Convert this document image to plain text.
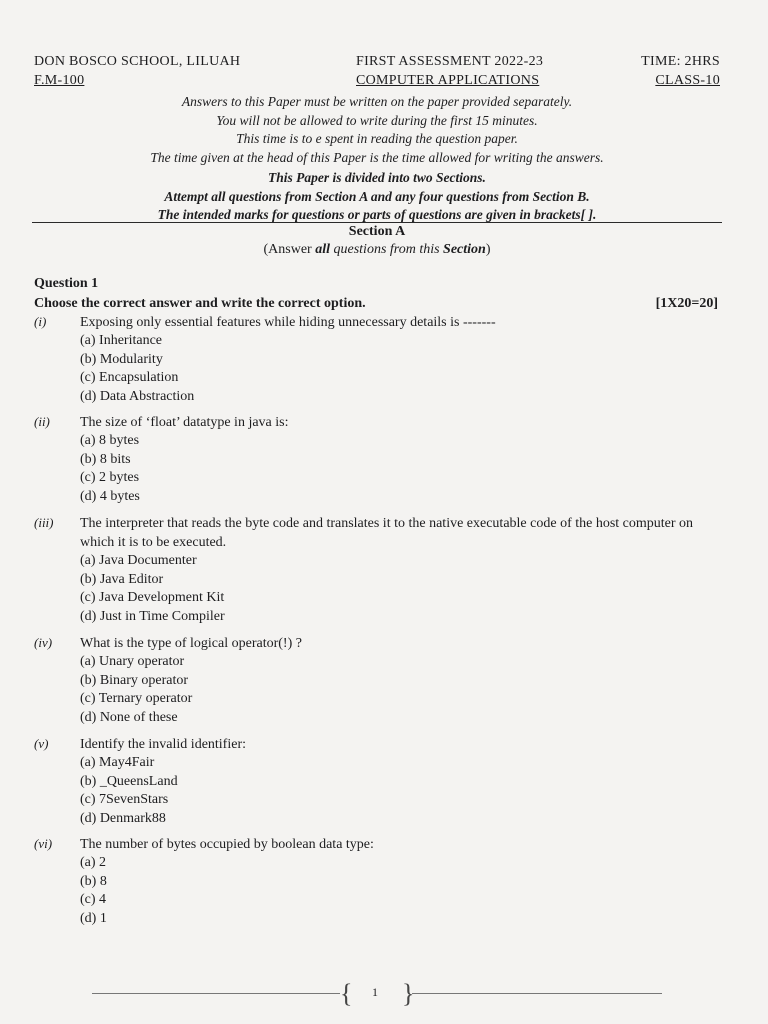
DON BOSCO SCHOOL, LILUAH	FIRST ASSESSMENT 2022-23	TIME: 2HRS
F.M-100	COMPUTER APPLICATIONS	CLASS-10
Answers to this Paper must be written on the paper provided separately.
You will not be allowed to write during the first 15 minutes.
This time is to e spent in reading the question paper.
The time given at the head of this Paper is the time allowed for writing the answers.
This Paper is divided into two Sections.
Attempt all questions from Section A and any four questions from Section B.
The intended marks for questions or parts of questions are given in brackets[ ].
Section A
(Answer all questions from this Section)
Question 1
Choose the correct answer and write the correct option.	[1X20=20]
(i) Exposing only essential features while hiding unnecessary details is -------
(a) Inheritance
(b) Modularity
(c) Encapsulation
(d) Data Abstraction
(ii) The size of ‘float’ datatype in java is:
(a) 8 bytes
(b) 8 bits
(c) 2 bytes
(d) 4 bytes
(iii) The interpreter that reads the byte code and translates it to the native executable code of the host computer on which it is to be executed.
(a) Java Documenter
(b) Java Editor
(c) Java Development Kit
(d) Just in Time Compiler
(iv) What is the type of logical operator(!) ?
(a) Unary operator
(b) Binary operator
(c) Ternary operator
(d) None of these
(v) Identify the invalid identifier:
(a) May4Fair
(b) _QueensLand
(c) 7SevenStars
(d) Denmark88
(vi) The number of bytes occupied by boolean data type:
(a) 2
(b) 8
(c) 4
(d) 1
{ 1 }
